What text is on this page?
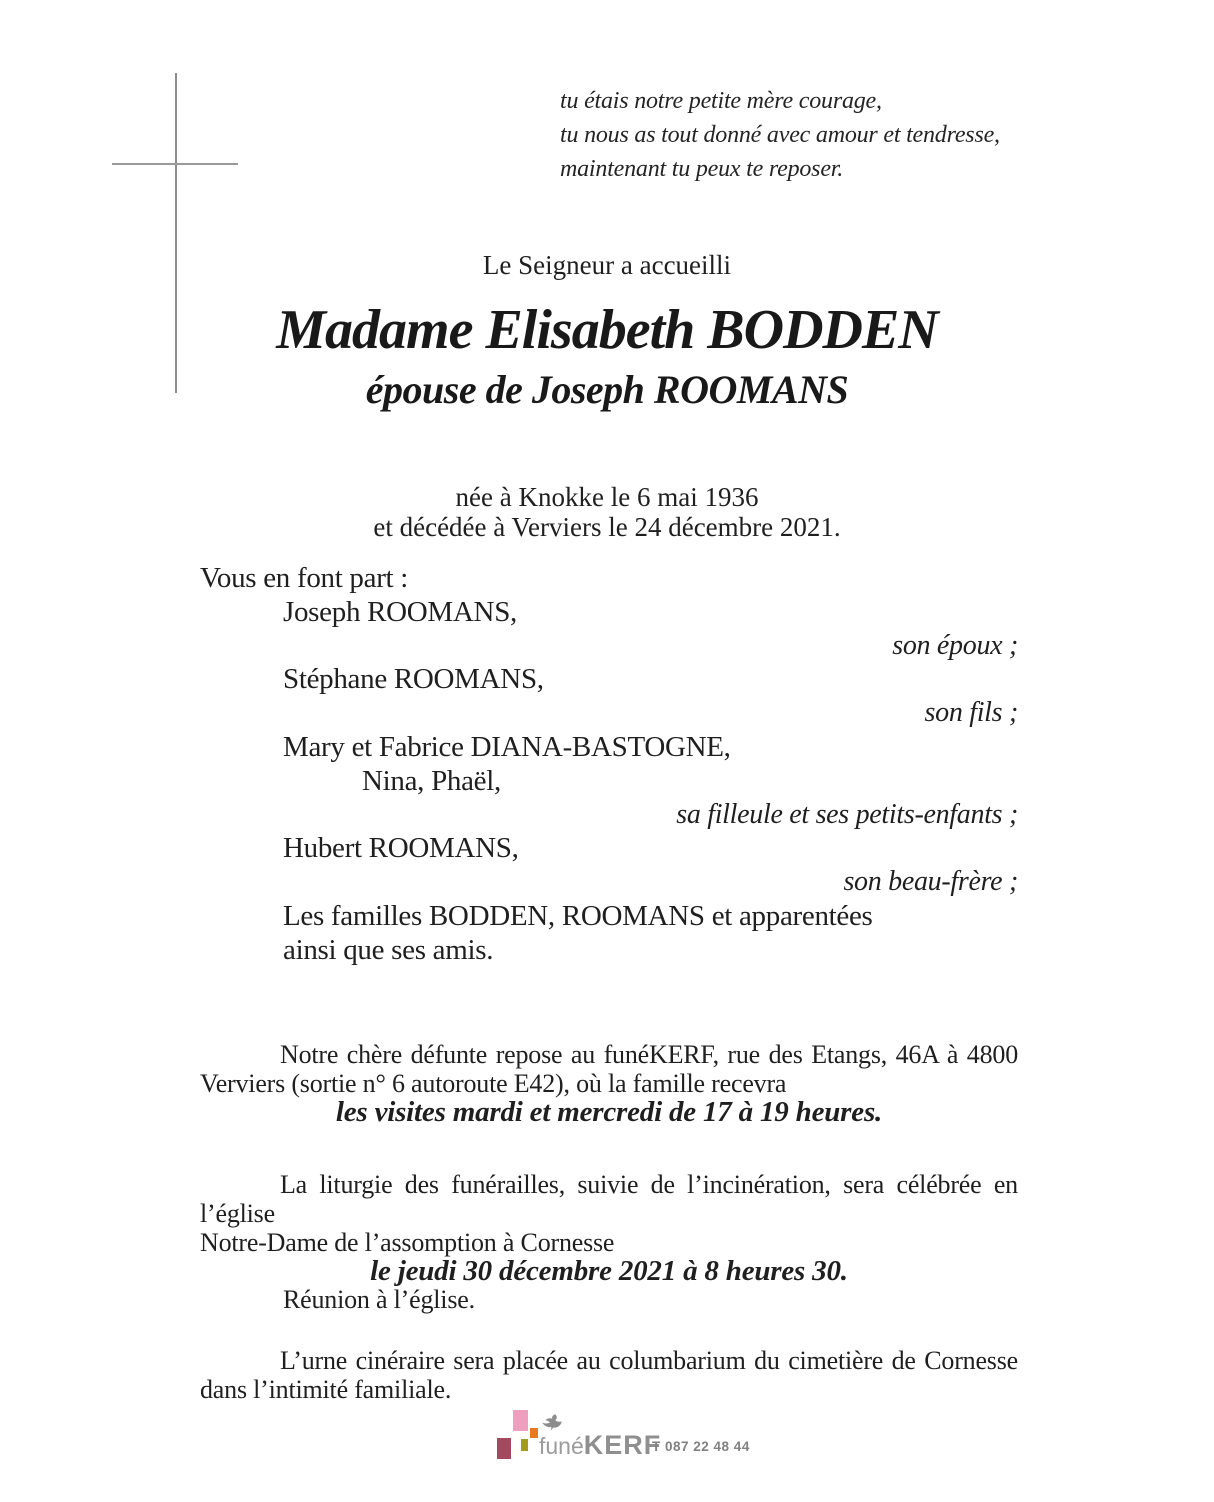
tu étais notre petite mère courage,
tu nous as tout donné avec amour et tendresse,
maintenant tu peux te reposer.
Le Seigneur a accueilli
Madame Elisabeth BODDEN
épouse de Joseph ROOMANS
née à Knokke le 6 mai 1936
et décédée à Verviers le 24 décembre 2021.
Vous en font part :
Joseph ROOMANS,
son époux ;
Stéphane ROOMANS,
son fils ;
Mary et Fabrice DIANA-BASTOGNE,
Nina, Phaël,
sa filleule et ses petits-enfants ;
Hubert ROOMANS,
son beau-frère ;
Les familles BODDEN, ROOMANS et apparentées
ainsi que ses amis.
Notre chère défunte repose au funéKERF, rue des Etangs, 46A à 4800
Verviers (sortie n° 6 autoroute E42), où la famille recevra
les visites mardi et mercredi de 17 à 19 heures.
La liturgie des funérailles, suivie de l’incinération, sera célébrée en l’église
Notre-Dame de l’assomption à Cornesse
le jeudi 30 décembre 2021 à 8 heures 30.
Réunion à l’église.
L’urne cinéraire sera placée au columbarium du cimetière de Cornesse
dans l’intimité familiale.
funéKERF
T 087 22 48 44
